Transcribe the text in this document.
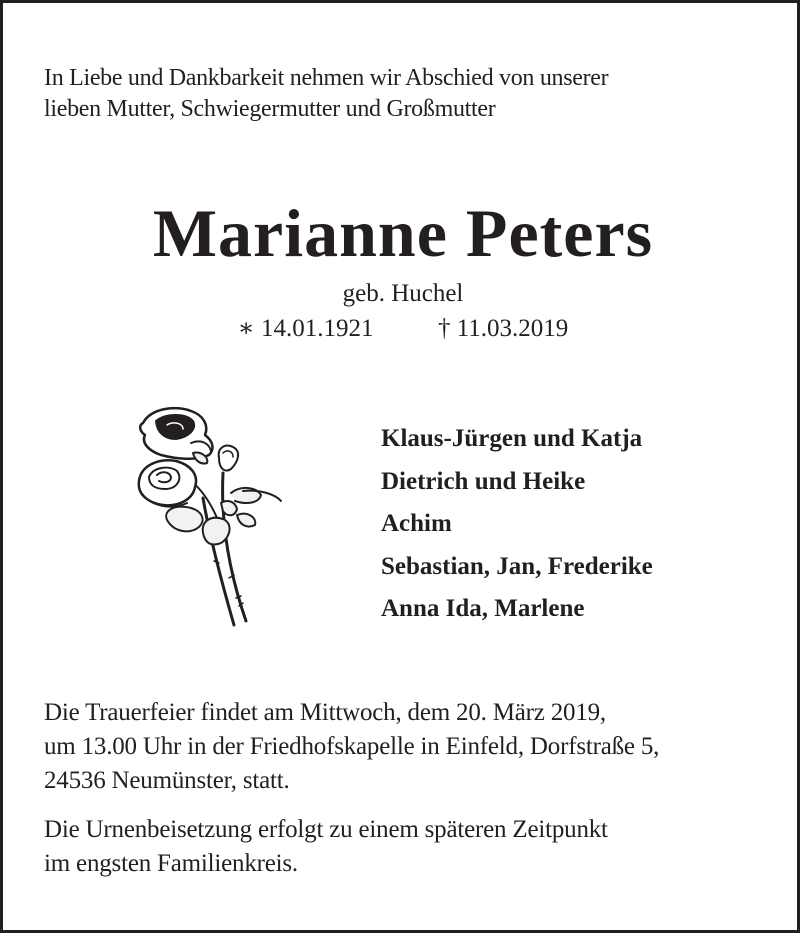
In Liebe und Dankbarkeit nehmen wir Abschied von unserer
lieben Mutter, Schwiegermutter und Großmutter
Marianne Peters
geb. Huchel
∗ 14.01.1921	† 11.03.2019
Klaus-Jürgen und Katja
Dietrich und Heike
Achim
Sebastian, Jan, Frederike
Anna Ida, Marlene
Die Trauerfeier findet am Mittwoch, dem 20. März 2019,
um 13.00 Uhr in der Friedhofskapelle in Einfeld, Dorfstraße 5,
24536 Neumünster, statt.
Die Urnenbeisetzung erfolgt zu einem späteren Zeitpunkt
im engsten Familienkreis.
